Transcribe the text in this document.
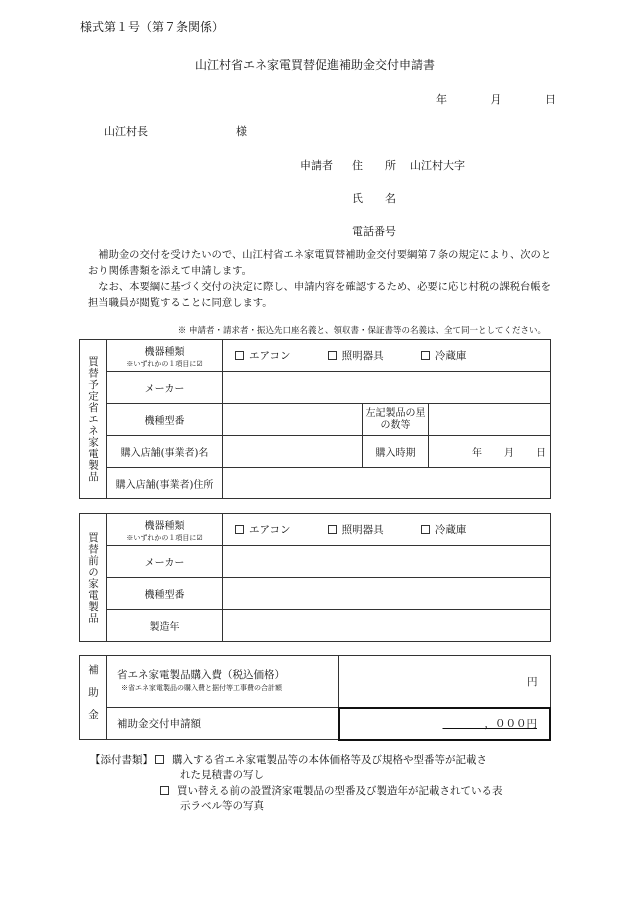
様式第１号（第７条関係）
山江村省エネ家電買替促進補助金交付申請書
年	月	日
山江村長	様
申請者 住　　所 山江村大字
氏　　名
電話番号

補助金の交付を受けたいので、山江村省エネ家電買替補助金交付要綱第７条の規定により、次のとおり関係書類を添えて申請します。

なお、本要綱に基づく交付の決定に際し、申請内容を確認するため、必要に応じ村税の課税台帳を担当職員が閲覧することに同意します。

※ 申請者・請求者・振込先口座名義と、領収書・保証書等の名義は、全て同一としてください。
買替予定省エネ家電製品	機器種類
※いずれかの１項目に☑	エアコン 照明器具 冷蔵庫		
	メーカー			
	機種型番		左記製品の星の数等	
	購入店舗(事業者)名		購入時期	年 月 日
	購入店舗(事業者)住所			
買替前の家電製品	機器種類
※いずれかの１項目に☑	エアコン 照明器具 冷蔵庫
	メーカー	
	機種型番	
	製造年	
補助金	省エネ家電製品購入費（税込価格）
※省エネ家電製品の購入費と据付等工事費の合計額	円
	補助金交付申請額	　　　　，０００円
【添付書類】 購入する省エネ家電製品等の本体価格等及び規格や型番等が記載さ
れた見積書の写し
買い替える前の設置済家電製品の型番及び製造年が記載されている表
示ラベル等の写真
